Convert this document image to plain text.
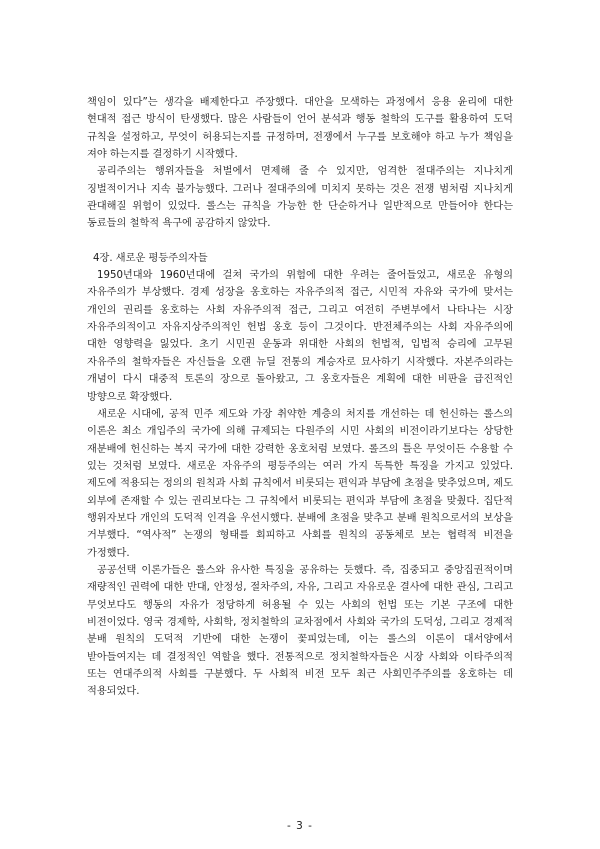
책임이 있다”는 생각을 배제한다고 주장했다. 대안을 모색하는 과정에서 응용 윤리에 대한 현대적 접근 방식이 탄생했다. 많은 사람들이 언어 분석과 행동 철학의 도구를 활용하여 도덕 규칙을 설정하고, 무엇이 허용되는지를 규정하며, 전쟁에서 누구를 보호해야 하고 누가 책임을 져야 하는지를 결정하기 시작했다.

공리주의는 행위자들을 처벌에서 면제해 줄 수 있지만, 엄격한 절대주의는 지나치게 징벌적이거나 지속 불가능했다. 그러나 절대주의에 미치지 못하는 것은 전쟁 범처럼 지나치게 관대해질 위험이 있었다. 롤스는 규칙을 가능한 한 단순하거나 일반적으로 만들어야 한다는 동료들의 철학적 욕구에 공감하지 않았다.

4장. 새로운 평등주의자들

1950년대와 1960년대에 걸쳐 국가의 위험에 대한 우려는 줄어들었고, 새로운 유형의 자유주의가 부상했다. 경제 성장을 옹호하는 자유주의적 접근, 시민적 자유와 국가에 맞서는 개인의 권리를 옹호하는 사회 자유주의적 접근, 그리고 여전히 주변부에서 나타나는 시장 자유주의적이고 자유지상주의적인 헌법 옹호 등이 그것이다. 반전체주의는 사회 자유주의에 대한 영향력을 잃었다. 초기 시민권 운동과 위대한 사회의 헌법적, 입법적 승리에 고무된 자유주의 철학자들은 자신들을 오랜 뉴딜 전통의 계승자로 묘사하기 시작했다. 자본주의라는 개념이 다시 대중적 토론의 장으로 돌아왔고, 그 옹호자들은 계획에 대한 비판을 급진적인 방향으로 확장했다.

새로운 시대에, 공적 민주 제도와 가장 취약한 계층의 처지를 개선하는 데 헌신하는 롤스의 이론은 최소 개입주의 국가에 의해 규제되는 다원주의 시민 사회의 비전이라기보다는 상당한 재분배에 헌신하는 복지 국가에 대한 강력한 옹호처럼 보였다. 롤즈의 틀은 무엇이든 수용할 수 있는 것처럼 보였다. 새로운 자유주의 평등주의는 여러 가지 독특한 특징을 가지고 있었다. 제도에 적용되는 정의의 원칙과 사회 규칙에서 비롯되는 편익과 부담에 초점을 맞추었으며, 제도 외부에 존재할 수 있는 권리보다는 그 규칙에서 비롯되는 편익과 부담에 초점을 맞췄다. 집단적 행위자보다 개인의 도덕적 인격을 우선시했다. 분배에 초점을 맞추고 분배 원칙으로서의 보상을 거부했다. “역사적” 논쟁의 형태를 회피하고 사회를 원칙의 공동체로 보는 협력적 비전을 가정했다.

공공선택 이론가들은 롤스와 유사한 특징을 공유하는 듯했다. 즉, 집중되고 중앙집권적이며 재량적인 권력에 대한 반대, 안정성, 절차주의, 자유, 그리고 자유로운 결사에 대한 관심, 그리고 무엇보다도 행동의 자유가 정당하게 허용될 수 있는 사회의 헌법 또는 기본 구조에 대한 비전이었다. 영국 경제학, 사회학, 정치철학의 교차점에서 사회와 국가의 도덕성, 그리고 경제적 분배 원칙의 도덕적 기반에 대한 논쟁이 꽃피었는데, 이는 롤스의 이론이 대서양에서 받아들여지는 데 결정적인 역할을 했다. 전통적으로 정치철학자들은 시장 사회와 이타주의적 또는 연대주의적 사회를 구분했다. 두 사회적 비전 모두 최근 사회민주주의를 옹호하는 데 적용되었다.

- 3 -
